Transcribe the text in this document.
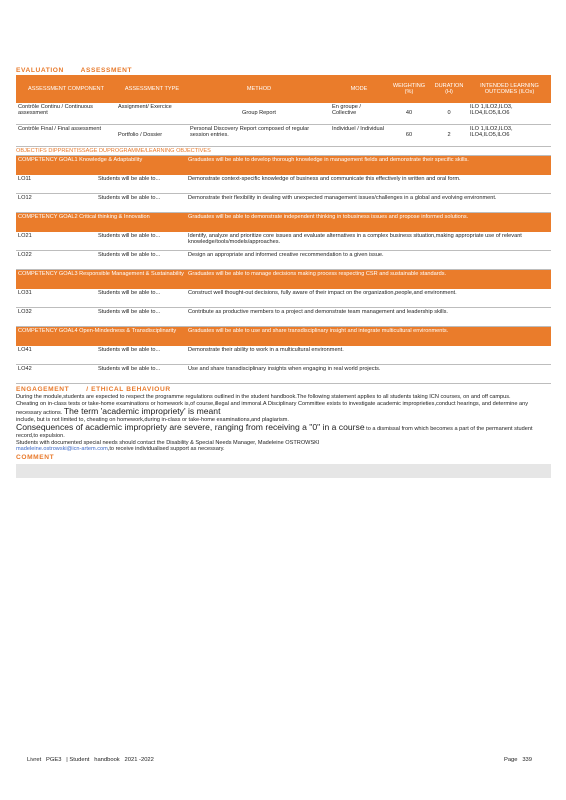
EVALUATION       ASSESSMENT
ASSESSMENT COMPONENT	ASSESSMENT TYPE	METHOD	MODE	WEIGHTING (%)	DURATION (H)	INTENDED LEARNING OUTCOMES (ILOs)
Contrôle Continu / Continuous assessment	Assignment/ Exercice	Group Report	En groupe / Collective	40	0	ILO 1,ILO2,ILO3, ILO4,ILO5,ILO6
Contrôle Final / Final assessment	Portfolio / Dossier	Personal Discovery Report composed of regular session entries.	Individuel / Individual	60	2	ILO 1,ILO2,ILO3, ILO4,ILO5,ILO6
OBJECTIFS DIPPRENTISSAGE DUPROGRAMME/LEARNING OBJECTIVES
COMPETENCY GOAL1 Knowledge & Adaptability		Graduates will be able to develop thorough knowledge in management fields and demonstrate their specific skills.
LO11	Students will be able to...	Demonstrate context-specific knowledge of business and communicate this effectively in written and oral form.
LO12	Students will be able to...	Demonstrate their flexibility in dealing with unexpected management issues/challenges in a global and evolving environment.
COMPETENCY GOAL2 Critical thinking & Innovation		Graduates will be able to demonstrate independent thinking in tobusiness issues and propose informed solutions.
LO21	Students will be able to...	Identify, analyze and prioritize core issues and evaluate alternatives in a complex business situation,making appropriate use of relevant knowledge/tools/models/approaches.
LO22	Students will be able to...	Design an appropriate and informed creative recommendation to a given issue.
COMPETENCY GOAL3 Responsible Management & Sustainability		Graduates will be able to manage decisions making process respecting CSR and sustainable standards.
LO31	Students will be able to...	Construct well thought-out decisions, fully aware of their impact on the organization,people,and environment.
LO32	Students will be able to...	Contribute as productive members to a project and demonstrate team management and leadership skills.
COMPETENCY GOAL4 Open-Mindedness & Transdisciplinarity		Graduates will be able to use and share transdisciplinary insight and integrate multicultural environments.
LO41	Students will be able to...	Demonstrate their ability to work in a multicultural environment.
LO42	Students will be able to...	Use and share transdisciplinary insights when engaging in real world projects.
ENGAGEMENT       / ETHICAL BEHAVIOUR

During the module,students are expected to respect the programme regulations outlined in the student handbook.The following statement applies to all students taking ICN courses, on and off campus.

Cheating on in-class tests or take-home examinations or homework is,of course,illegal and immoral.A Disciplinary Committee exists to investigate academic improprieties,conduct hearings, and determine any necessary actions. The term 'academic impropriety' is meant

include, but is not limited to, cheating on homework,during in-class or take-home examinations,and plagiarism.

Consequences of academic impropriety are severe, ranging from receiving a "0" in a course to a dismissal from which becomes a part of the permanent student record,to expulsion.

Students with documented special needs should contact the Disability & Special Needs Manager, Madeleine OSTROWSKI

madeleine.ostrowski@icn-artem.com,to receive individualised support as necessary.

COMMENT
Livret   PGE3   | Student   handbook   2021 -2022	Page   339
